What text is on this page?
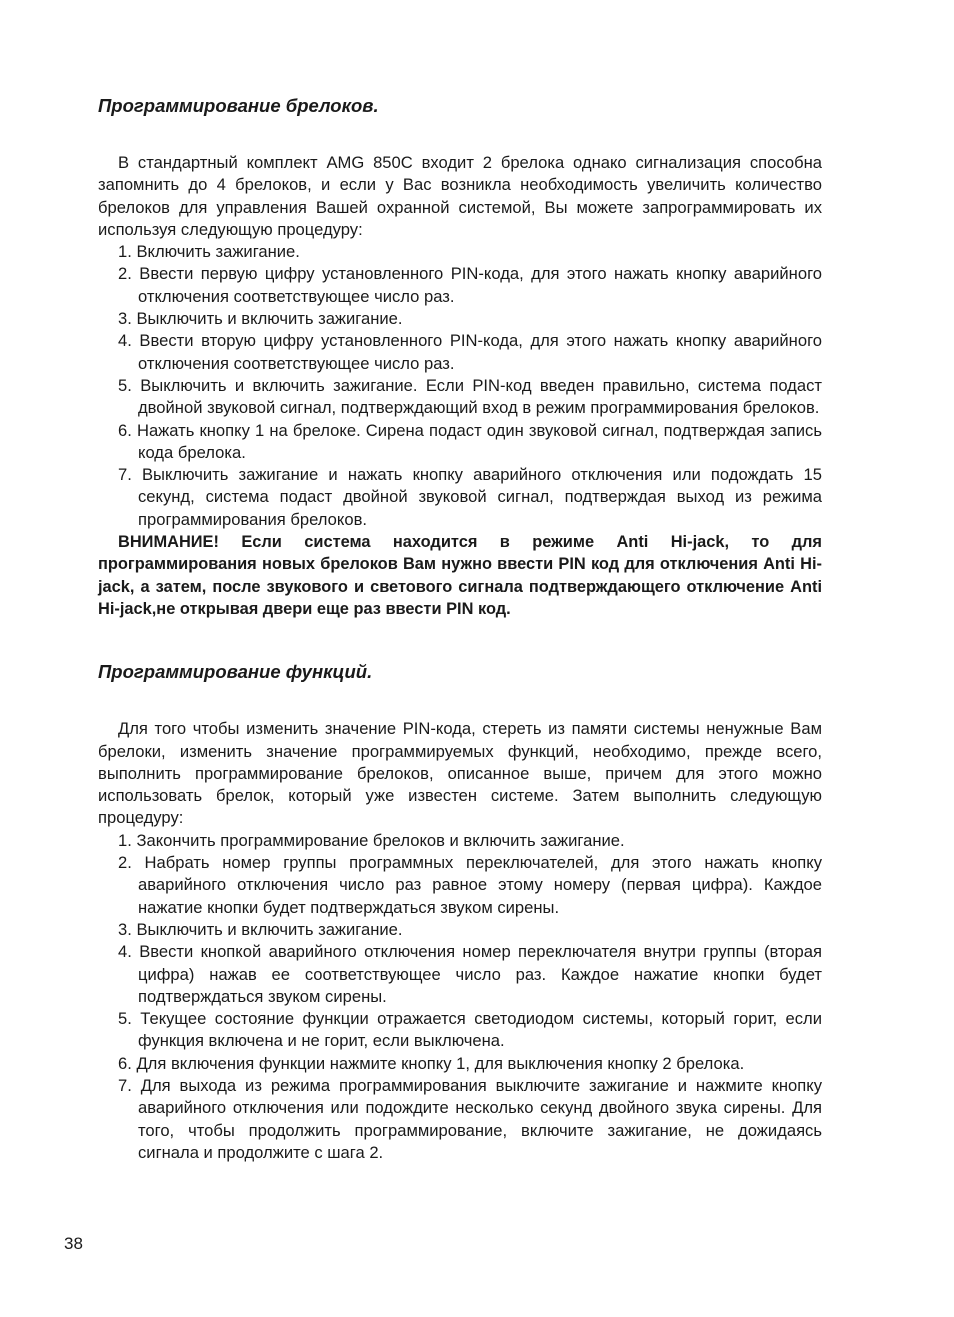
Программирование брелоков.

В стандартный комплект AMG 850C входит 2 брелока однако сигнализация способна запомнить до 4 брелоков, и если у Вас возникла необходимость увеличить количество брелоков для управления Вашей охранной системой, Вы можете запрограммировать их используя следующую процедуру:

1. Включить зажигание.
2. Ввести первую цифру установленного PIN-кода, для этого нажать кнопку аварийного отключения соответствующее число раз.
3. Выключить и включить зажигание.
4. Ввести вторую цифру установленного PIN-кода, для этого нажать кнопку аварийного отключения соответствующее число раз.
5. Выключить и включить зажигание. Если PIN-код введен правильно, система подаст двойной звуковой сигнал, подтверждающий вход в режим программирования брелоков.
6. Нажать кнопку 1 на брелоке. Сирена подаст один звуковой сигнал, подтверждая запись кода брелока.
7. Выключить зажигание и нажать кнопку аварийного отключения или подождать 15 секунд, система подаст двойной звуковой сигнал, подтверждая выход из режима программирования брелоков.

ВНИМАНИЕ! Если система находится в режиме Anti Hi-jack, то для программирования новых брелоков Вам нужно ввести PIN код для отключения Anti Hi-jack, а затем, после звукового и светового сигнала подтверждающего отключение Anti Hi-jack,не открывая двери еще раз ввести PIN код.

Программирование функций.

Для того чтобы изменить значение PIN-кода, стереть из памяти системы ненужные Вам брелоки, изменить значение программируемых функций, необходимо, прежде всего, выполнить программирование брелоков, описанное выше, причем для этого можно использовать брелок, который уже известен системе. Затем выполнить следующую процедуру:

1. Закончить программирование брелоков и включить зажигание.
2. Набрать номер группы программных переключателей, для этого нажать кнопку аварийного отключения число раз равное этому номеру (первая цифра). Каждое нажатие кнопки будет подтверждаться звуком сирены.
3. Выключить и включить зажигание.
4. Ввести кнопкой аварийного отключения номер переключателя внутри группы (вторая цифра) нажав ее соответствующее число раз. Каждое нажатие кнопки будет подтверждаться звуком сирены.
5. Текущее состояние функции отражается светодиодом системы, который горит, если функция включена и не горит, если выключена.
6. Для включения функции нажмите кнопку 1, для выключения кнопку 2 брелока.
7. Для выхода из режима программирования выключите зажигание и нажмите кнопку аварийного отключения или подождите несколько секунд двойного звука сирены. Для того, чтобы продолжить программирование, включите зажигание, не дожидаясь сигнала и продолжите с шага 2.
38
